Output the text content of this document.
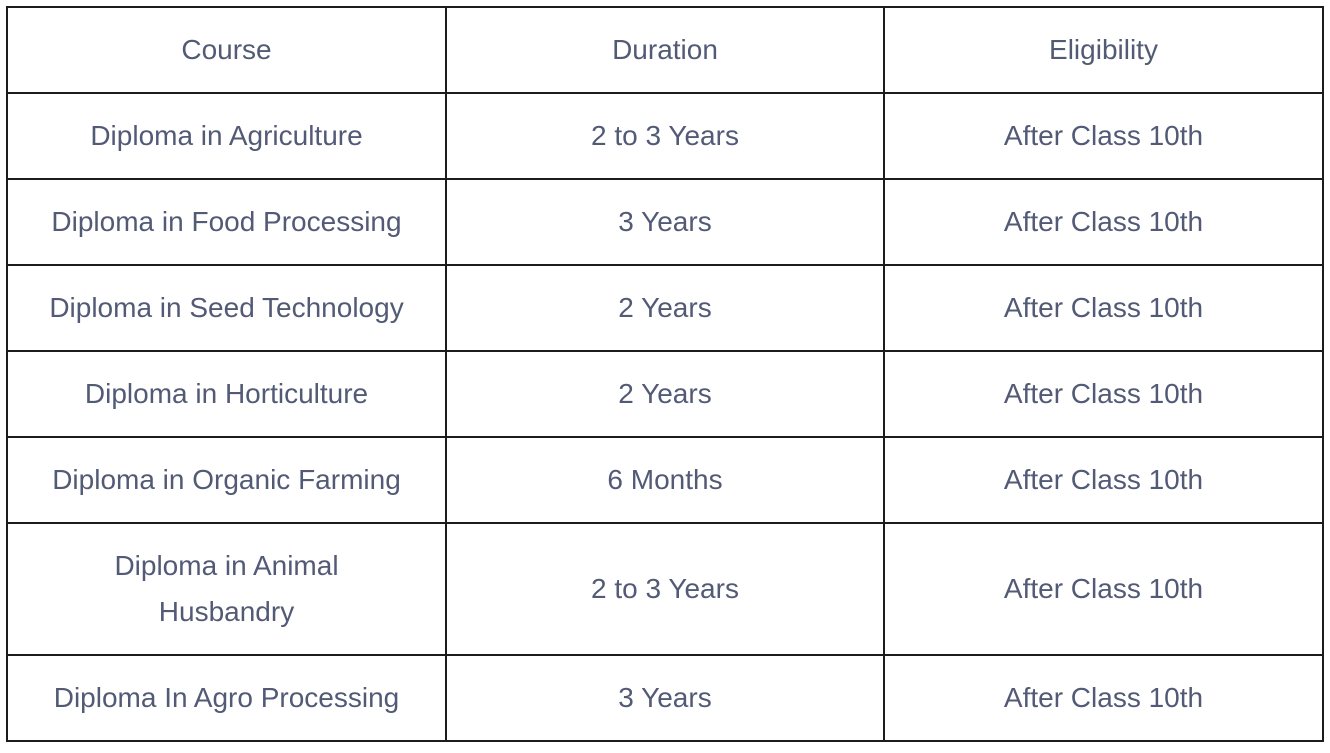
Course	Duration	Eligibility
Diploma in Agriculture	2 to 3 Years	After Class 10th
Diploma in Food Processing	3 Years	After Class 10th
Diploma in Seed Technology	2 Years	After Class 10th
Diploma in Horticulture	2 Years	After Class 10th
Diploma in Organic Farming	6 Months	After Class 10th
Diploma in Animal Husbandry	2 to 3 Years	After Class 10th
Diploma In Agro Processing	3 Years	After Class 10th
